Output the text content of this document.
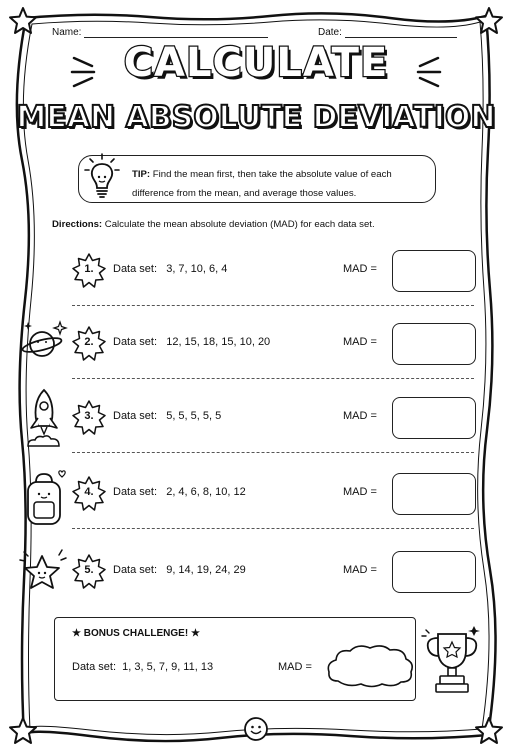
Name:	Date:
CALCULATE
MEAN ABSOLUTE DEVIATION
TIP: Find the mean first, then take the absolute value of each difference from the mean, and average those values.
Directions: Calculate the mean absolute deviation (MAD) for each data set.
1.	Data set: 3, 7, 10, 6, 4	MAD =
2.	Data set: 12, 15, 18, 15, 10, 20	MAD =
3.	Data set: 5, 5, 5, 5, 5	MAD =
4.	Data set: 2, 4, 6, 8, 10, 12	MAD =
5.	Data set: 9, 14, 19, 24, 29	MAD =
★ BONUS CHALLENGE! ★
Data set: 1, 3, 5, 7, 9, 11, 13	MAD =
